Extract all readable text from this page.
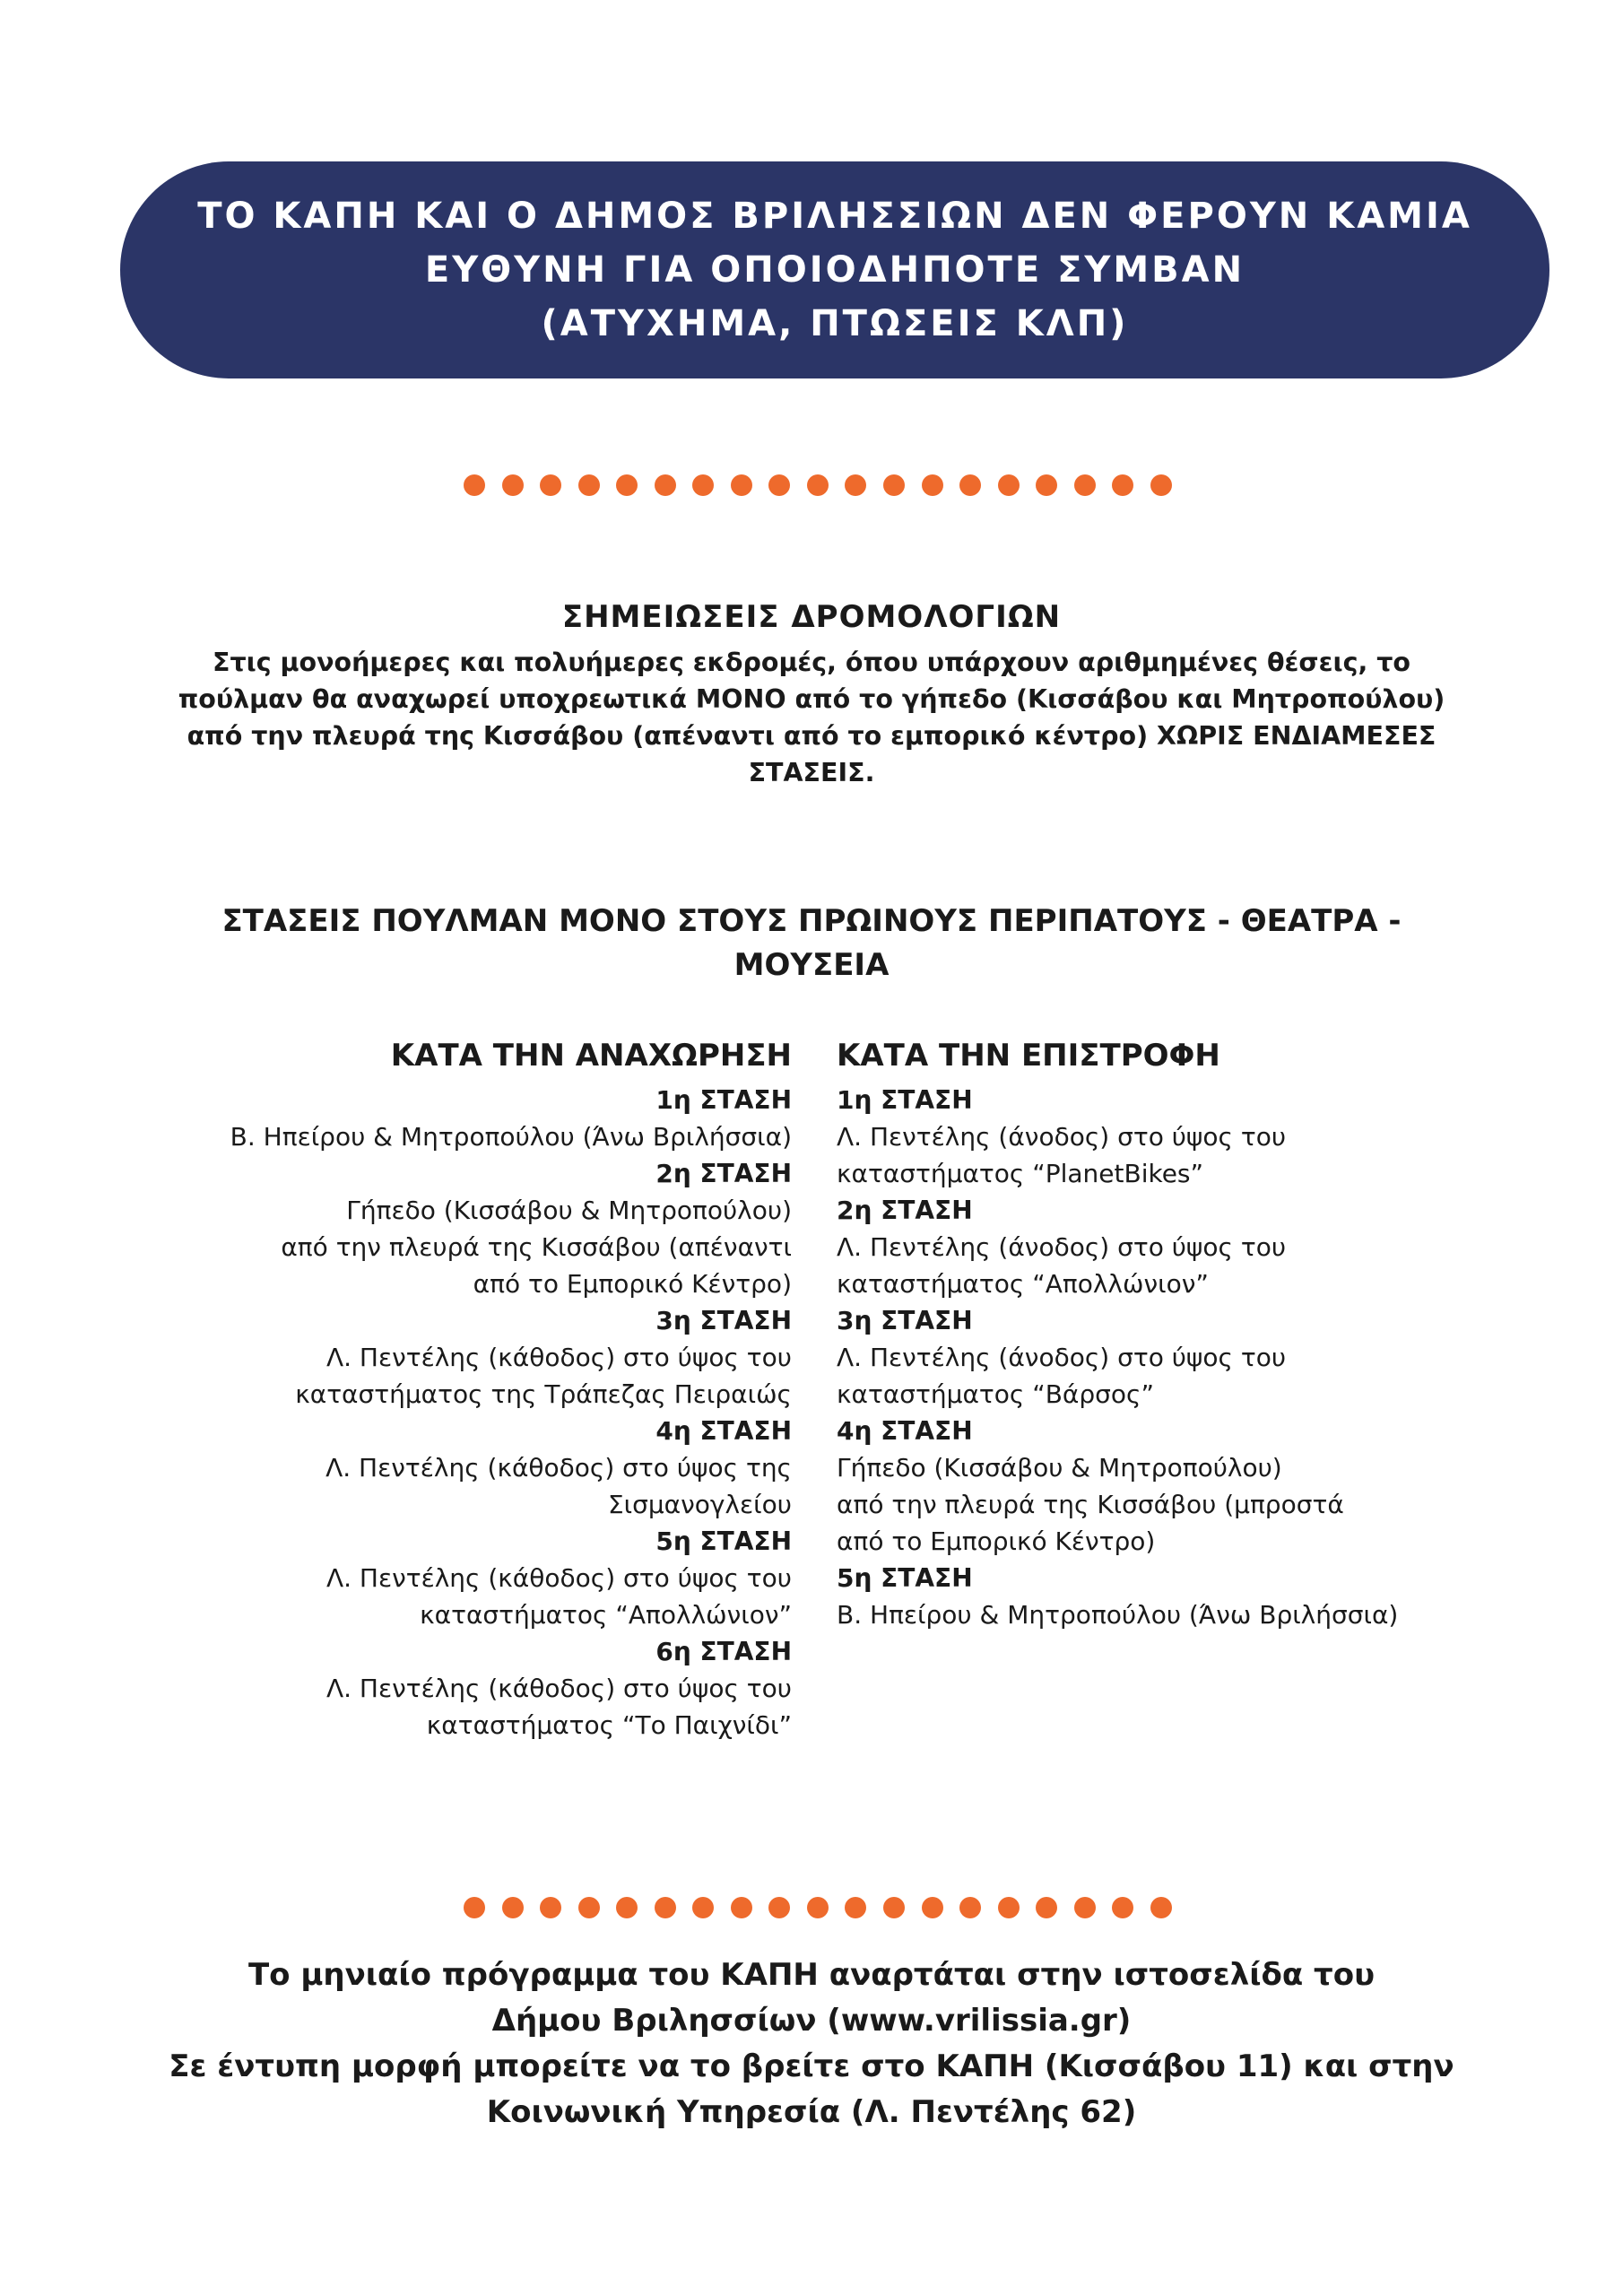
ΤΟ ΚΑΠΗ ΚΑΙ Ο ΔΗΜΟΣ ΒΡΙΛΗΣΣΙΩΝ ΔΕΝ ΦΕΡΟΥΝ ΚΑΜΙΑ
ΕΥΘΥΝΗ ΓΙΑ ΟΠΟΙΟΔΗΠΟΤΕ ΣΥΜΒΑΝ
(ΑΤΥΧΗΜΑ, ΠΤΩΣΕΙΣ ΚΛΠ)
ΣΗΜΕΙΩΣΕΙΣ ΔΡΟΜΟΛΟΓΙΩΝ
Στις μονοήμερες και πολυήμερες εκδρομές, όπου υπάρχουν αριθμημένες θέσεις, το
πούλμαν θα αναχωρεί υποχρεωτικά ΜΟΝΟ από το γήπεδο (Κισσάβου και Μητροπούλου)
από την πλευρά της Κισσάβου (απέναντι από το εμπορικό κέντρο) ΧΩΡΙΣ ΕΝΔΙΑΜΕΣΕΣ
ΣΤΑΣΕΙΣ.
ΣΤΑΣΕΙΣ ΠΟΥΛΜΑΝ ΜΟΝΟ ΣΤΟΥΣ ΠΡΩΙΝΟΥΣ ΠΕΡΙΠΑΤΟΥΣ - ΘΕΑΤΡΑ -
ΜΟΥΣΕΙΑ
ΚΑΤΑ ΤΗΝ ΑΝΑΧΩΡΗΣΗ
1η ΣΤΑΣΗ
Β. Ηπείρου & Μητροπούλου (Άνω Βριλήσσια)
2η ΣΤΑΣΗ
Γήπεδο (Κισσάβου & Μητροπούλου)
από την πλευρά της Κισσάβου (απέναντι
από το Εμπορικό Κέντρο)
3η ΣΤΑΣΗ
Λ. Πεντέλης (κάθοδος) στο ύψος του
καταστήματος της Τράπεζας Πειραιώς
4η ΣΤΑΣΗ
Λ. Πεντέλης (κάθοδος) στο ύψος της
Σισμανογλείου
5η ΣΤΑΣΗ
Λ. Πεντέλης (κάθοδος) στο ύψος του
καταστήματος “Απολλώνιον”
6η ΣΤΑΣΗ
Λ. Πεντέλης (κάθοδος) στο ύψος του
καταστήματος “Το Παιχνίδι”
ΚΑΤΑ ΤΗΝ ΕΠΙΣΤΡΟΦΗ
1η ΣΤΑΣΗ
Λ. Πεντέλης (άνοδος) στο ύψος του
καταστήματος “PlanetBikes”
2η ΣΤΑΣΗ
Λ. Πεντέλης (άνοδος) στο ύψος του
καταστήματος “Απολλώνιον”
3η ΣΤΑΣΗ
Λ. Πεντέλης (άνοδος) στο ύψος του
καταστήματος “Βάρσος”
4η ΣΤΑΣΗ
Γήπεδο (Κισσάβου & Μητροπούλου)
από την πλευρά της Κισσάβου (μπροστά
από το Εμπορικό Κέντρο)
5η ΣΤΑΣΗ
Β. Ηπείρου & Μητροπούλου (Άνω Βριλήσσια)
Το μηνιαίο πρόγραμμα του ΚΑΠΗ αναρτάται στην ιστοσελίδα του
Δήμου Βριλησσίων (www.vrilissia.gr)
Σε έντυπη μορφή μπορείτε να το βρείτε στο ΚΑΠΗ (Κισσάβου 11) και στην
Κοινωνική Υπηρεσία (Λ. Πεντέλης 62)
